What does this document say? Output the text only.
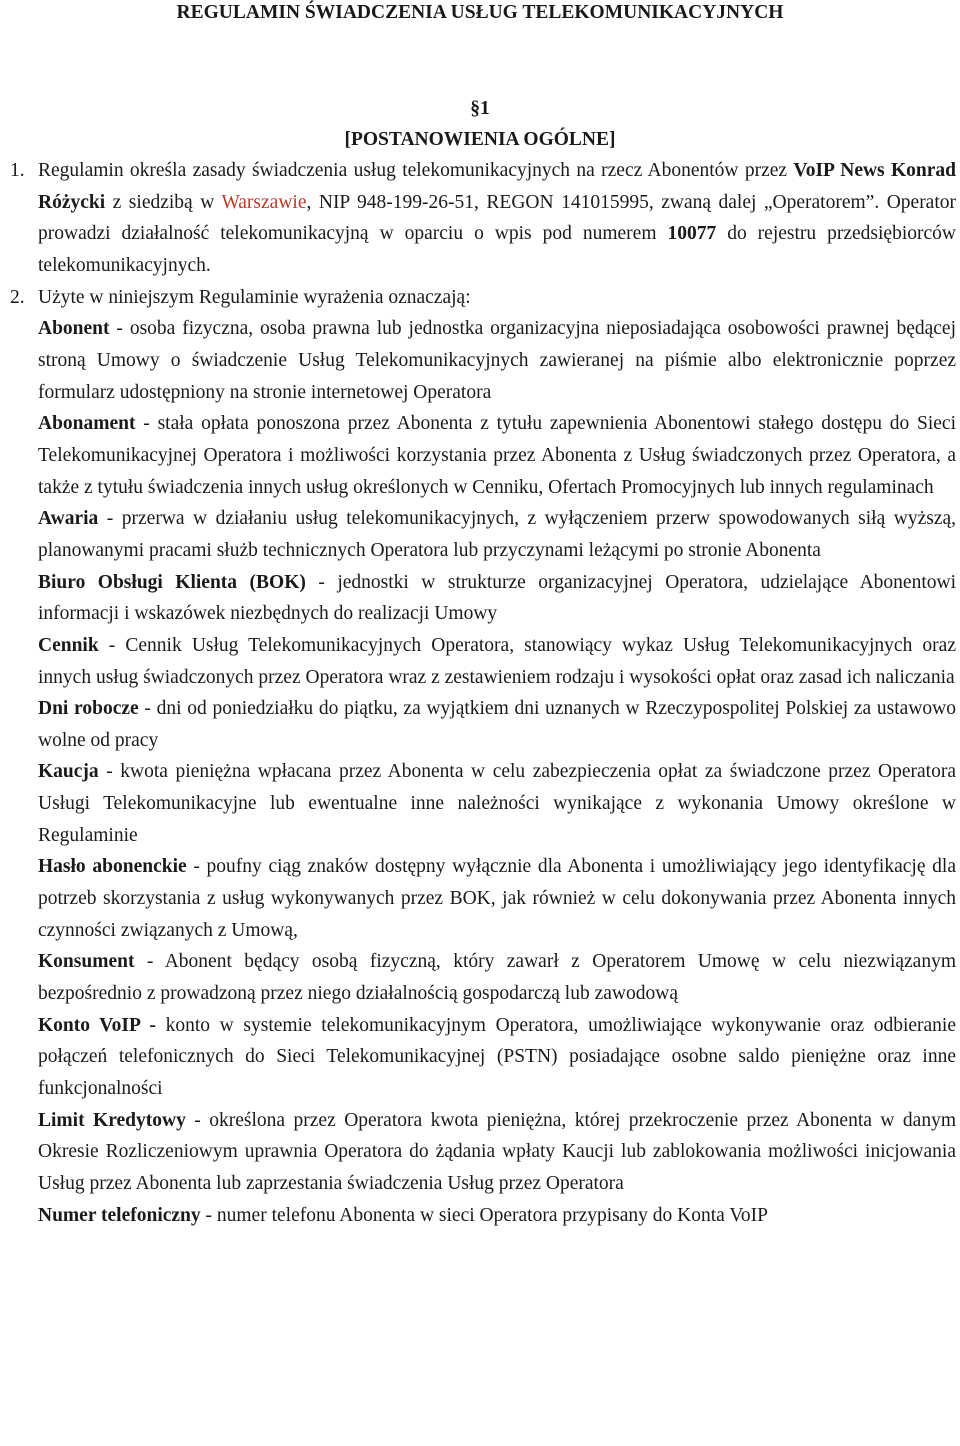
REGULAMIN ŚWIADCZENIA USŁUG TELEKOMUNIKACYJNYCH
§1
[POSTANOWIENIA OGÓLNE]

1. Regulamin określa zasady świadczenia usług telekomunikacyjnych na rzecz Abonentów przez VoIP News Konrad Różycki z siedzibą w Warszawie, NIP 948-199-26-51, REGON 141015995, zwaną dalej „Operatorem”. Operator prowadzi działalność telekomunikacyjną w oparciu o wpis pod numerem 10077 do rejestru przedsiębiorców telekomunikacyjnych.

2. Użyte w niniejszym Regulaminie wyrażenia oznaczają:

Abonent - osoba fizyczna, osoba prawna lub jednostka organizacyjna nieposiadająca osobowości prawnej będącej stroną Umowy o świadczenie Usług Telekomunikacyjnych zawieranej na piśmie albo elektronicznie poprzez formularz udostępniony na stronie internetowej Operatora

Abonament - stała opłata ponoszona przez Abonenta z tytułu zapewnienia Abonentowi stałego dostępu do Sieci Telekomunikacyjnej Operatora i możliwości korzystania przez Abonenta z Usług świadczonych przez Operatora, a także z tytułu świadczenia innych usług określonych w Cenniku, Ofertach Promocyjnych lub innych regulaminach

Awaria - przerwa w działaniu usług telekomunikacyjnych, z wyłączeniem przerw spowodowanych siłą wyższą, planowanymi pracami służb technicznych Operatora lub przyczynami leżącymi po stronie Abonenta

Biuro Obsługi Klienta (BOK) - jednostki w strukturze organizacyjnej Operatora, udzielające Abonentowi informacji i wskazówek niezbędnych do realizacji Umowy

Cennik - Cennik Usług Telekomunikacyjnych Operatora, stanowiący wykaz Usług Telekomunikacyjnych oraz innych usług świadczonych przez Operatora wraz z zestawieniem rodzaju i wysokości opłat oraz zasad ich naliczania

Dni robocze - dni od poniedziałku do piątku, za wyjątkiem dni uznanych w Rzeczypospolitej Polskiej za ustawowo wolne od pracy

Kaucja - kwota pieniężna wpłacana przez Abonenta w celu zabezpieczenia opłat za świadczone przez Operatora Usługi Telekomunikacyjne lub ewentualne inne należności wynikające z wykonania Umowy określone w Regulaminie

Hasło abonenckie - poufny ciąg znaków dostępny wyłącznie dla Abonenta i umożliwiający jego identyfikację dla potrzeb skorzystania z usług wykonywanych przez BOK, jak również w celu dokonywania przez Abonenta innych czynności związanych z Umową,

Konsument - Abonent będący osobą fizyczną, który zawarł z Operatorem Umowę w celu niezwiązanym bezpośrednio z prowadzoną przez niego działalnością gospodarczą lub zawodową

Konto VoIP - konto w systemie telekomunikacyjnym Operatora, umożliwiające wykonywanie oraz odbieranie połączeń telefonicznych do Sieci Telekomunikacyjnej (PSTN) posiadające osobne saldo pieniężne oraz inne funkcjonalności

Limit Kredytowy - określona przez Operatora kwota pieniężna, której przekroczenie przez Abonenta w danym Okresie Rozliczeniowym uprawnia Operatora do żądania wpłaty Kaucji lub zablokowania możliwości inicjowania Usług przez Abonenta lub zaprzestania świadczenia Usług przez Operatora

Numer telefoniczny - numer telefonu Abonenta w sieci Operatora przypisany do Konta VoIP
